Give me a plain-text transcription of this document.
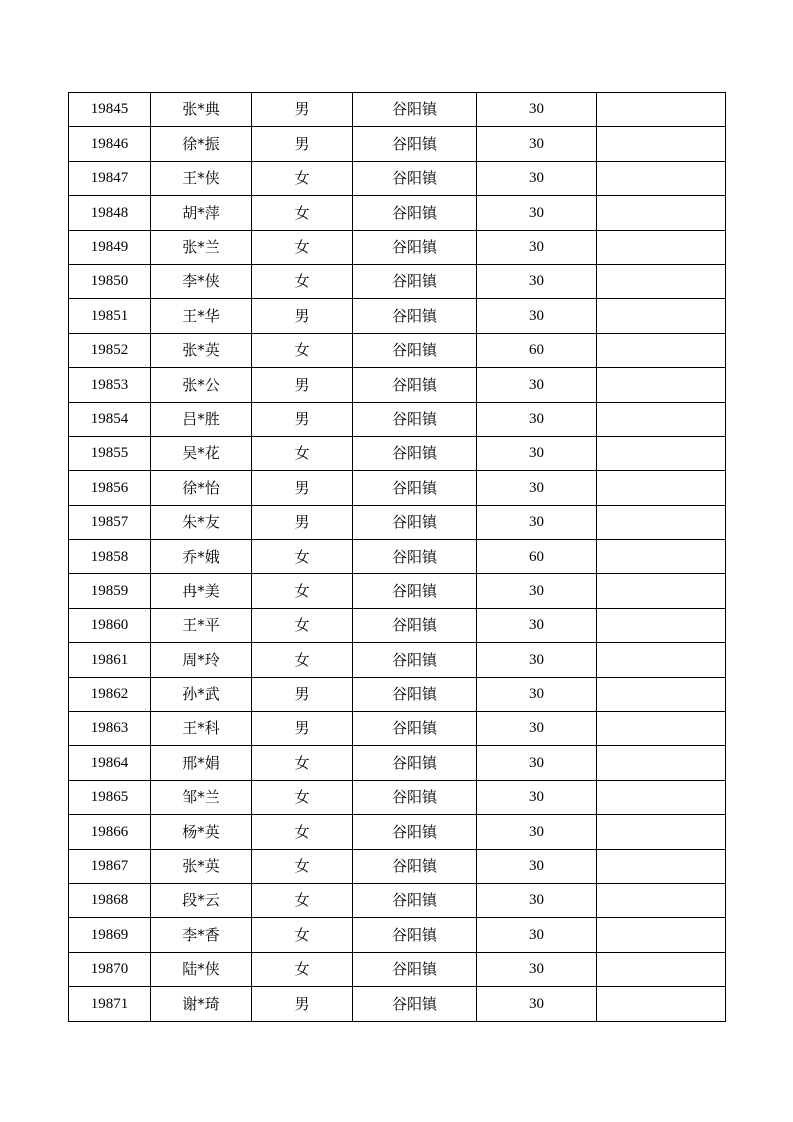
19845	张*典	男	谷阳镇	30	
19846	徐*振	男	谷阳镇	30	
19847	王*侠	女	谷阳镇	30	
19848	胡*萍	女	谷阳镇	30	
19849	张*兰	女	谷阳镇	30	
19850	李*侠	女	谷阳镇	30	
19851	王*华	男	谷阳镇	30	
19852	张*英	女	谷阳镇	60	
19853	张*公	男	谷阳镇	30	
19854	吕*胜	男	谷阳镇	30	
19855	吴*花	女	谷阳镇	30	
19856	徐*怡	男	谷阳镇	30	
19857	朱*友	男	谷阳镇	30	
19858	乔*娥	女	谷阳镇	60	
19859	冉*美	女	谷阳镇	30	
19860	王*平	女	谷阳镇	30	
19861	周*玲	女	谷阳镇	30	
19862	孙*武	男	谷阳镇	30	
19863	王*科	男	谷阳镇	30	
19864	邢*娟	女	谷阳镇	30	
19865	邹*兰	女	谷阳镇	30	
19866	杨*英	女	谷阳镇	30	
19867	张*英	女	谷阳镇	30	
19868	段*云	女	谷阳镇	30	
19869	李*香	女	谷阳镇	30	
19870	陆*侠	女	谷阳镇	30	
19871	谢*琦	男	谷阳镇	30	
